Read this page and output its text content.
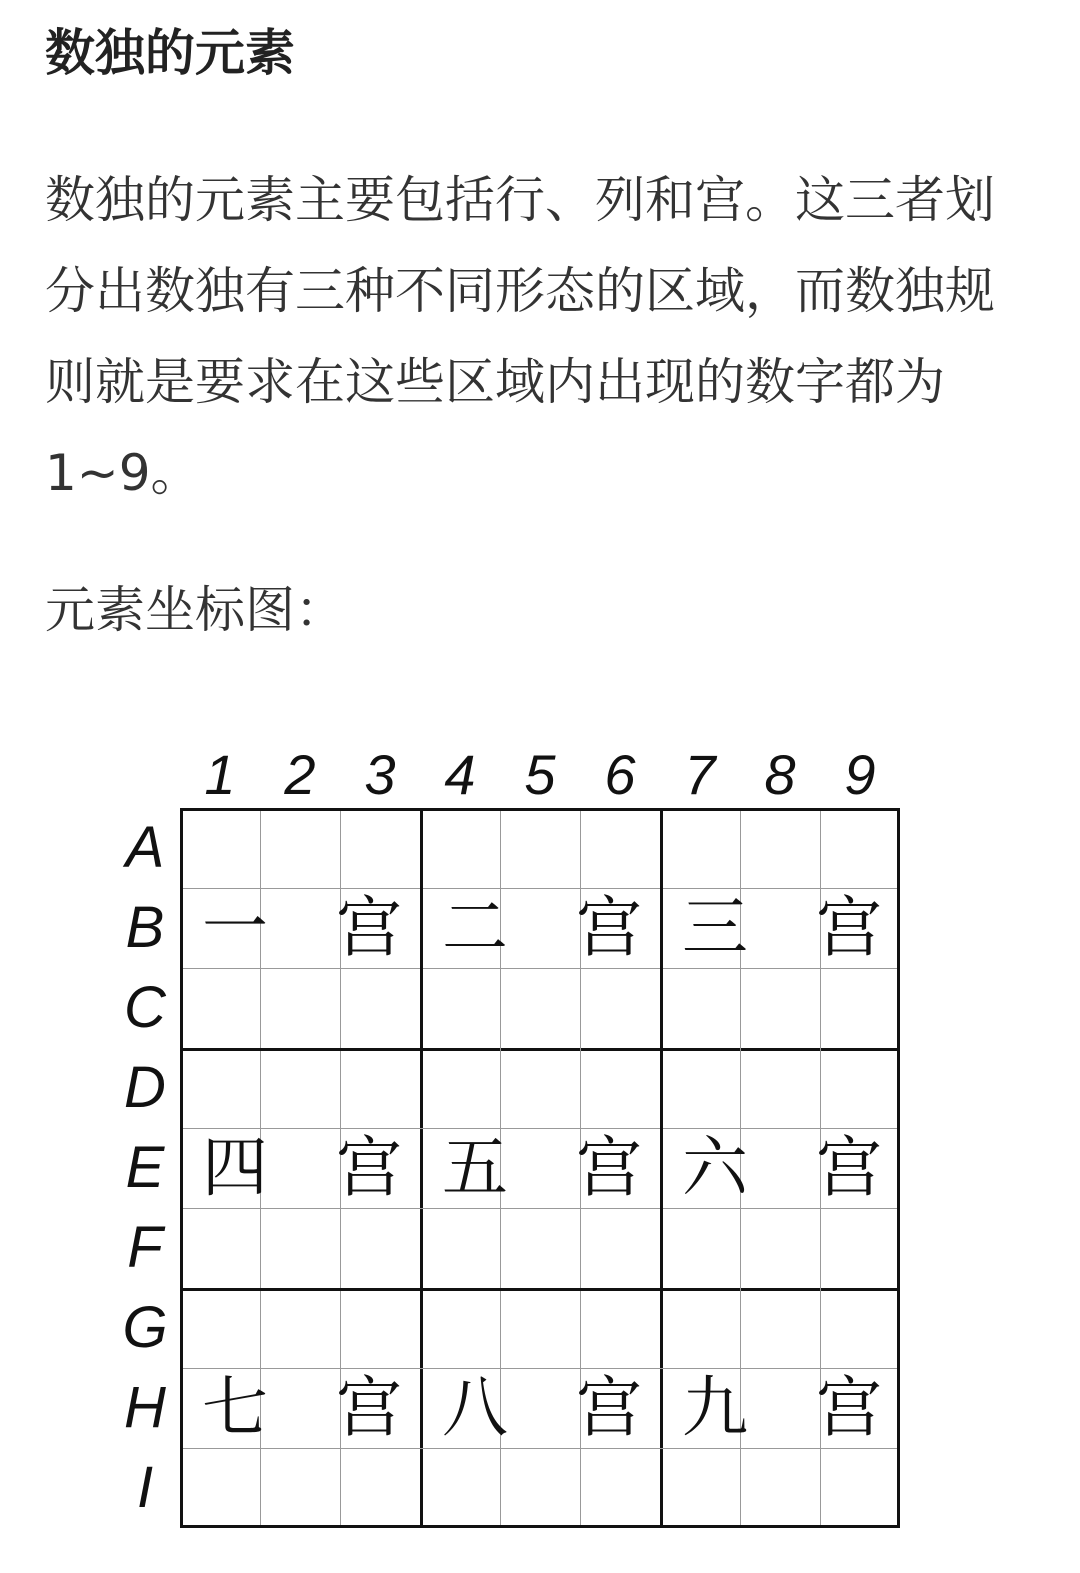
数独的元素

数独的元素主要包括行、列和宫。这三者划分出数独有三种不同形态的区域，而数独规则就是要求在这些区域内出现的数字都为1~9。

元素坐标图：

1 2 3 4 5 6 7 8 9
A
B
C
D
E
F
G
H
I
一 宫 二 宫 三 宫
四 宫 五 宫 六 宫
七 宫 八 宫 九 宫
